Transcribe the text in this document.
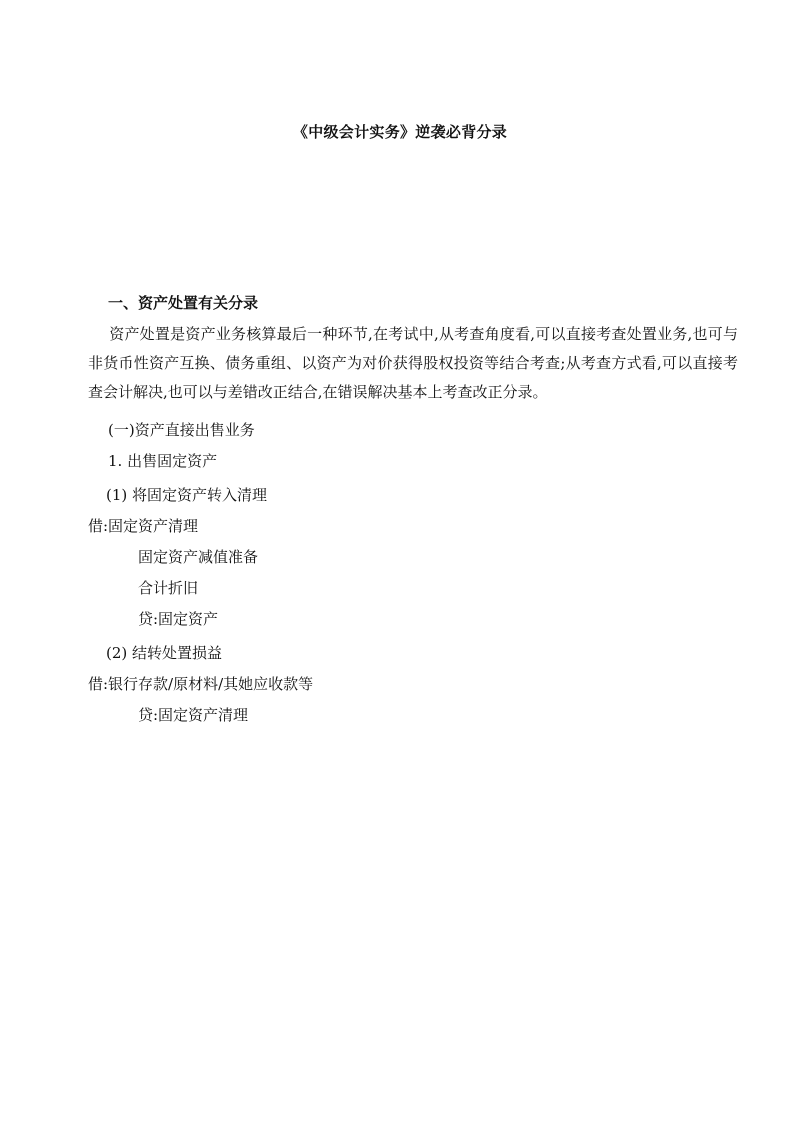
《中级会计实务》逆袭必背分录
一、资产处置有关分录
资产处置是资产业务核算最后一种环节,在考试中,从考查角度看,可以直接考查处置业务,也可与非货币性资产互换、债务重组、以资产为对价获得股权投资等结合考查;从考查方式看,可以直接考查会计解决,也可以与差错改正结合,在错误解决基本上考查改正分录。
(一)资产直接出售业务
1. 出售固定资产
(1) 将固定资产转入清理
借:固定资产清理
固定资产减值准备
合计折旧
贷:固定资产
(2) 结转处置损益
借:银行存款/原材料/其她应收款等
贷:固定资产清理
